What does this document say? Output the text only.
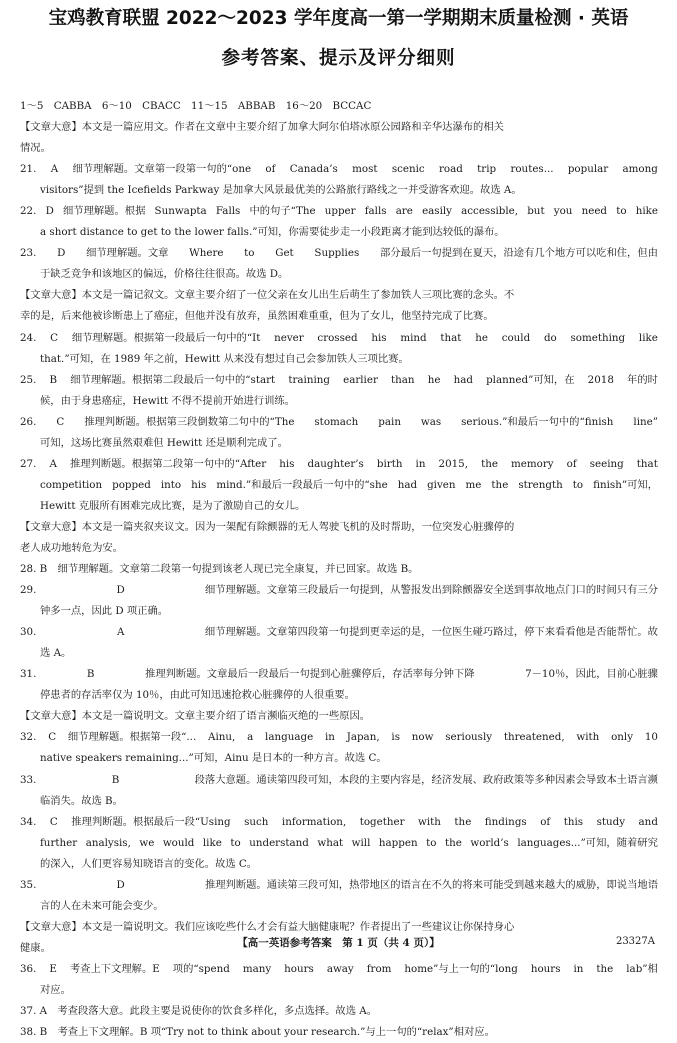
宝鸡教育联盟 2022～2023 学年度高一第一学期期末质量检测 · 英语
参考答案、提示及评分细则
1～5　CABBA　6～10　CBACC　11～15　ABBAB　16～20　BCCAC
【文章大意】本文是一篇应用文。作者在文章中主要介绍了加拿大阿尔伯塔冰原公园路和辛华达瀑布的相关
情况。
21. A 细节理解题。文章第一段第一句的“one of Canada’s most scenic road trip routes... popular among
visitors”提到 the Icefields Parkway 是加拿大风景最优美的公路旅行路线之一并受游客欢迎。故选 A。
22. D 细节理解题。根据 Sunwapta Falls 中的句子“The upper falls are easily accessible, but you need to hike
a short distance to get to the lower falls.”可知，你需要徒步走一小段距离才能到达较低的瀑布。
23. D 细节理解题。文章 Where to Get Supplies 部分最后一句提到在夏天，沿途有几个地方可以吃和住，但由
于缺乏竞争和该地区的偏远，价格往往很高。故选 D。
【文章大意】本文是一篇记叙文。文章主要介绍了一位父亲在女儿出生后萌生了参加铁人三项比赛的念头。不
幸的是，后来他被诊断患上了癌症，但他并没有放弃，虽然困难重重，但为了女儿，他坚持完成了比赛。
24. C 细节理解题。根据第一段最后一句中的“It never crossed his mind that he could do something like
that.”可知，在 1989 年之前，Hewitt 从来没有想过自己会参加铁人三项比赛。
25. B 细节理解题。根据第二段最后一句中的“start training earlier than he had planned”可知，在 2018 年的时
候，由于身患癌症，Hewitt 不得不提前开始进行训练。
26. C 推理判断题。根据第三段倒数第二句中的“The stomach pain was serious.”和最后一句中的“finish line”
可知，这场比赛虽然艰难但 Hewitt 还是顺利完成了。
27. A 推理判断题。根据第二段第一句中的“After his daughter’s birth in 2015, the memory of seeing that
competition popped into his mind.”和最后一段最后一句中的“she had given me the strength to finish”可知，
Hewitt 克服所有困难完成比赛，是为了激励自己的女儿。
【文章大意】本文是一篇夹叙夹议文。因为一架配有除颤器的无人驾驶飞机的及时帮助，一位突发心脏骤停的
老人成功地转危为安。
28. B　细节理解题。文章第二段第一句提到该老人现已完全康复，并已回家。故选 B。
29.	D	细节理解题。文章第三段最后一句提到，从警报发出到除颤器安全送到事故地点门口的时间只有三分
钟多一点，因此 D 项正确。
30.	A	细节理解题。文章第四段第一句提到更幸运的是，一位医生碰巧路过，停下来看看他是否能帮忙。故
选 A。
31.	B	推理判断题。文章最后一段最后一句提到心脏骤停后，存活率每分钟下降	7－10％，因此，目前心脏骤
停患者的存活率仅为 10％，由此可知迅速抢救心脏骤停的人很重要。
【文章大意】本文是一篇说明文。文章主要介绍了语言濒临灭绝的一些原因。
32. C 细节理解题。根据第一段“... Ainu, a language in Japan, is now seriously threatened, with only 10
native speakers remaining...”可知，Ainu 是日本的一种方言。故选 C。
33.	B	段落大意题。通读第四段可知，本段的主要内容是，经济发展、政府政策等多种因素会导致本土语言濒
临消失。故选 B。
34. C 推理判断题。根据最后一段“Using such information, together with the findings of this study and
further analysis, we would like to understand what will happen to the world’s languages...”可知，随着研究
的深入，人们更容易知晓语言的变化。故选 C。
35.	D	推理判断题。通读第三段可知，热带地区的语言在不久的将来可能受到越来越大的威胁，即说当地语
言的人在未来可能会变少。
【文章大意】本文是一篇说明文。我们应该吃些什么才会有益大脑健康呢？作者提出了一些建议让你保持身心
健康。
36. E 考查上下文理解。E 项的“spend many hours away from home”与上一句的“long hours in the lab”相
对应。
37. A　考查段落大意。此段主要是说使你的饮食多样化，多点选择。故选 A。
38. B　考查上下文理解。B 项“Try not to think about your research.”与上一句的“relax”相对应。
【高一英语参考答案　第 1 页（共 4 页）】	23327A
